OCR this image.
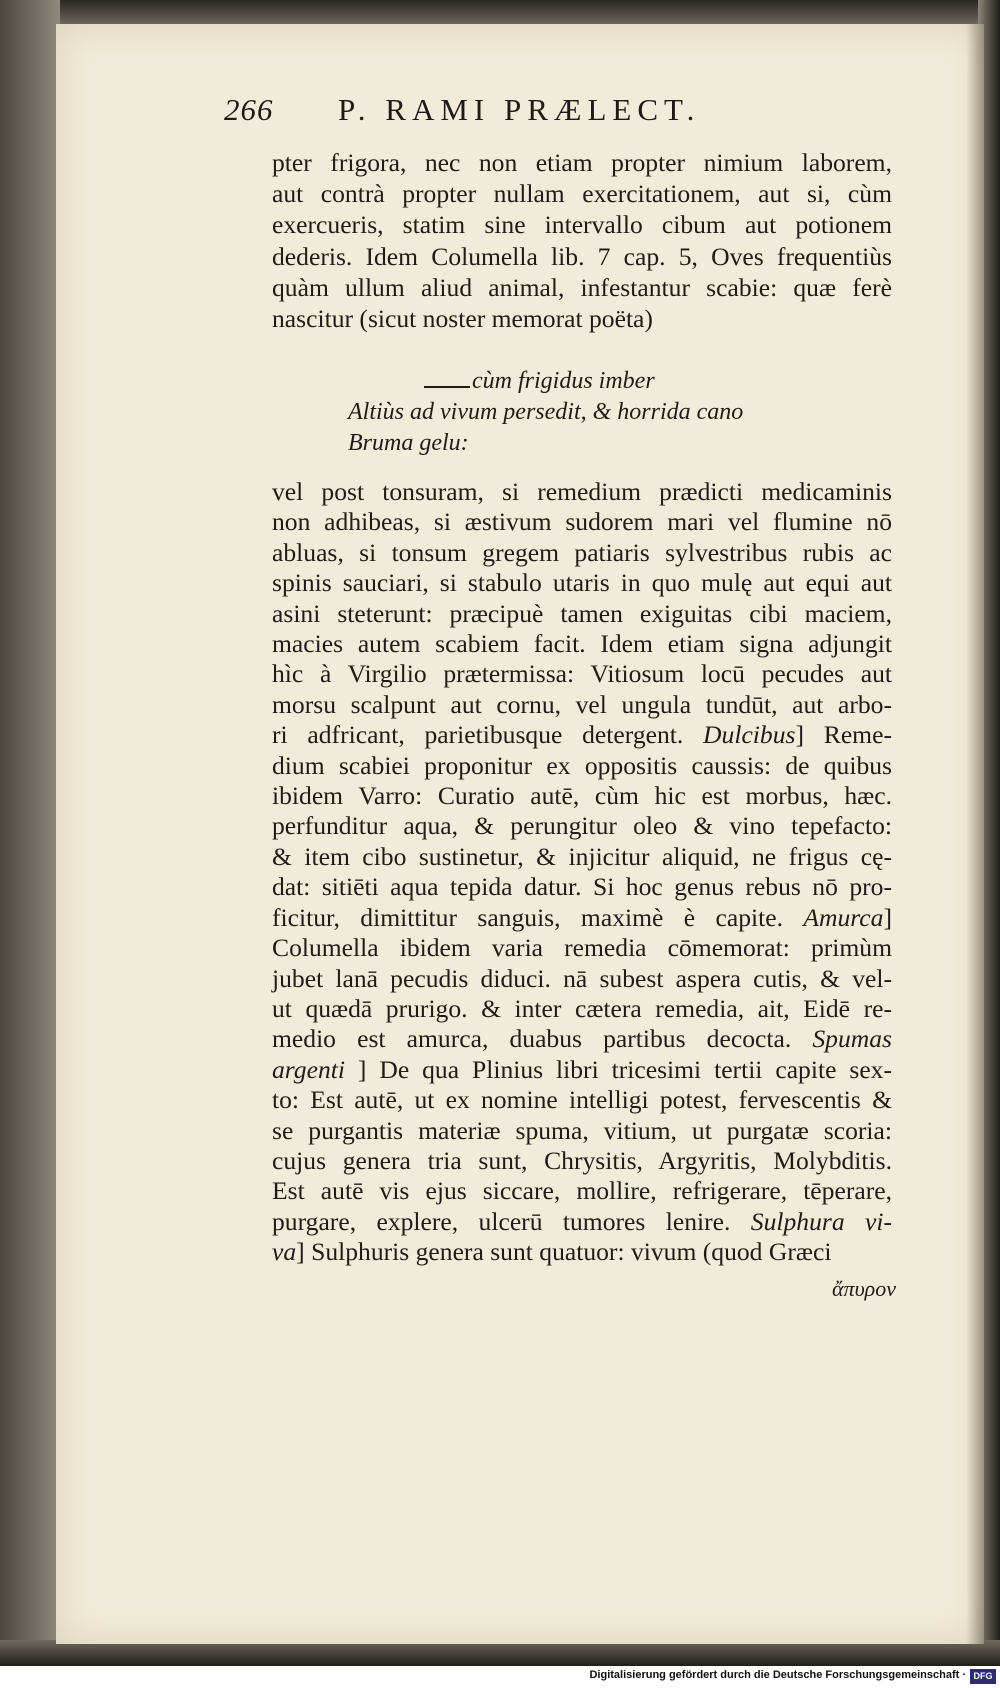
266 P. RAMI PRÆLECT.
pter frigora, nec non etiam propter nimium laborem,
aut contrà propter nullam exercitationem, aut si, cùm
exercueris, statim sine intervallo cibum aut potionem
dederis. Idem Columella lib. 7 cap. 5, Oves frequentiùs
quàm ullum aliud animal, infestantur scabie: quæ ferè
nascitur (sicut noster memorat poëta)
cùm frigidus imber
Altiùs ad vivum persedit, & horrida cano
Bruma gelu:
vel post tonsuram, si remedium prædicti medicaminis
non adhibeas, si æstivum sudorem mari vel flumine nō
abluas, si tonsum gregem patiaris sylvestribus rubis ac
spinis sauciari, si stabulo utaris in quo mulę aut equi aut
asini steterunt: præcipuè tamen exiguitas cibi maciem,
macies autem scabiem facit. Idem etiam signa adjungit
hìc à Virgilio prætermissa: Vitiosum locū pecudes aut
morsu scalpunt aut cornu, vel ungula tundūt, aut arbo-
ri adfricant, parietibusque detergent. Dulcibus] Reme-
dium scabiei proponitur ex oppositis caussis: de quibus
ibidem Varro: Curatio autē, cùm hic est morbus, hæc.
perfunditur aqua, & perungitur oleo & vino tepefacto:
& item cibo sustinetur, & injicitur aliquid, ne frigus cę-
dat: sitiēti aqua tepida datur. Si hoc genus rebus nō pro-
ficitur, dimittitur sanguis, maximè è capite. Amurca]
Columella ibidem varia remedia cōmemorat: primùm
jubet lanā pecudis diduci. nā subest aspera cutis, & vel-
ut quædā prurigo. & inter cætera remedia, ait, Eidē re-
medio est amurca, duabus partibus decocta. Spumas
argenti ] De qua Plinius libri tricesimi tertii capite sex-
to: Est autē, ut ex nomine intelligi potest, fervescentis &
se purgantis materiæ spuma, vitium, ut purgatæ scoria:
cujus genera tria sunt, Chrysitis, Argyritis, Molybditis.
Est autē vis ejus siccare, mollire, refrigerare, tēperare,
purgare, explere, ulcerū tumores lenire. Sulphura vi-
va] Sulphuris genera sunt quatuor: vivum (quod Græci
ἄπυρον
Digitalisierung gefördert durch die Deutsche Forschungsgemeinschaft · DFG
